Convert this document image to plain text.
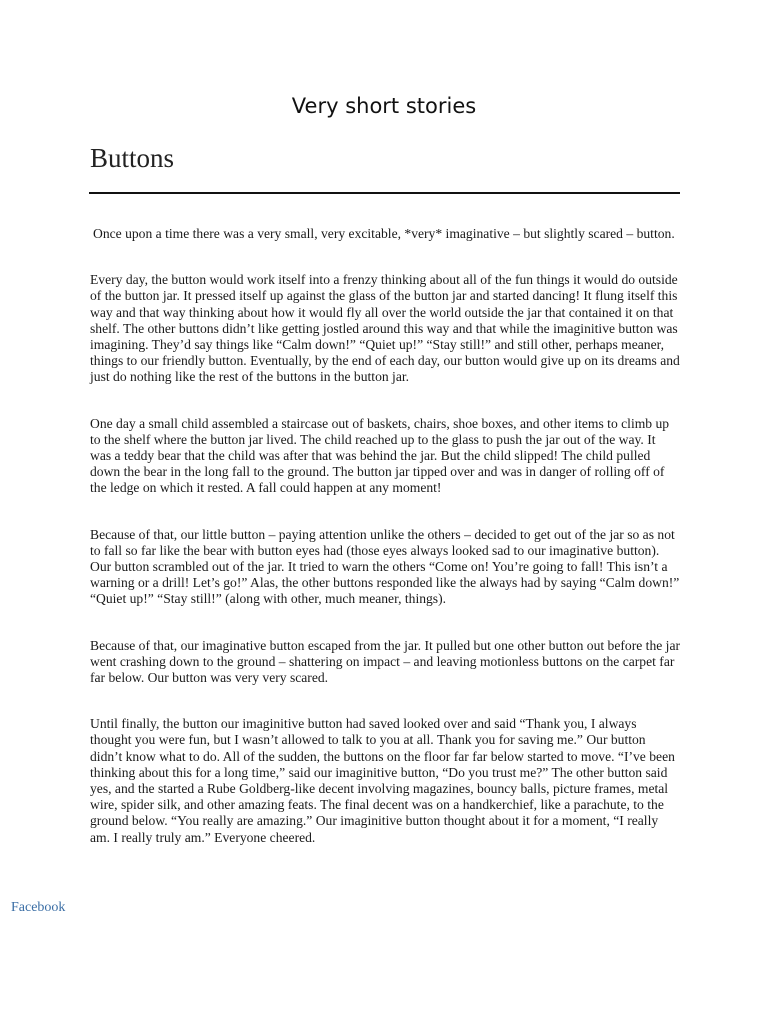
Very short stories
Buttons

Once upon a time there was a very small, very excitable, *very* imaginative – but slightly scared – button.

Every day, the button would work itself into a frenzy thinking about all of the fun things it would do outside of the button jar. It pressed itself up against the glass of the button jar and started dancing! It flung itself this way and that way thinking about how it would fly all over the world outside the jar that contained it on that shelf. The other buttons didn’t like getting jostled around this way and that while the imaginitive button was imagining. They’d say things like “Calm down!” “Quiet up!” “Stay still!” and still other, perhaps meaner, things to our friendly button. Eventually, by the end of each day, our button would give up on its dreams and just do nothing like the rest of the buttons in the button jar.

One day a small child assembled a staircase out of baskets, chairs, shoe boxes, and other items to climb up to the shelf where the button jar lived. The child reached up to the glass to push the jar out of the way. It was a teddy bear that the child was after that was behind the jar. But the child slipped! The child pulled down the bear in the long fall to the ground. The button jar tipped over and was in danger of rolling off of the ledge on which it rested. A fall could happen at any moment!

Because of that, our little button – paying attention unlike the others – decided to get out of the jar so as not to fall so far like the bear with button eyes had (those eyes always looked sad to our imaginative button). Our button scrambled out of the jar. It tried to warn the others “Come on! You’re going to fall! This isn’t a warning or a drill! Let’s go!” Alas, the other buttons responded like the always had by saying “Calm down!” “Quiet up!” “Stay still!” (along with other, much meaner, things).

Because of that, our imaginative button escaped from the jar. It pulled but one other button out before the jar went crashing down to the ground – shattering on impact – and leaving motionless buttons on the carpet far far below. Our button was very very scared.

Until finally, the button our imaginitive button had saved looked over and said “Thank you, I always thought you were fun, but I wasn’t allowed to talk to you at all. Thank you for saving me.” Our button didn’t know what to do. All of the sudden, the buttons on the floor far far below started to move. “I’ve been thinking about this for a long time,” said our imaginitive button, “Do you trust me?” The other button said yes, and the started a Rube Goldberg-like decent involving magazines, bouncy balls, picture frames, metal wire, spider silk, and other amazing feats. The final decent was on a handkerchief, like a parachute, to the ground below. “You really are amazing.” Our imaginitive button thought about it for a moment, “I really am. I really truly am.” Everyone cheered.

Facebook
